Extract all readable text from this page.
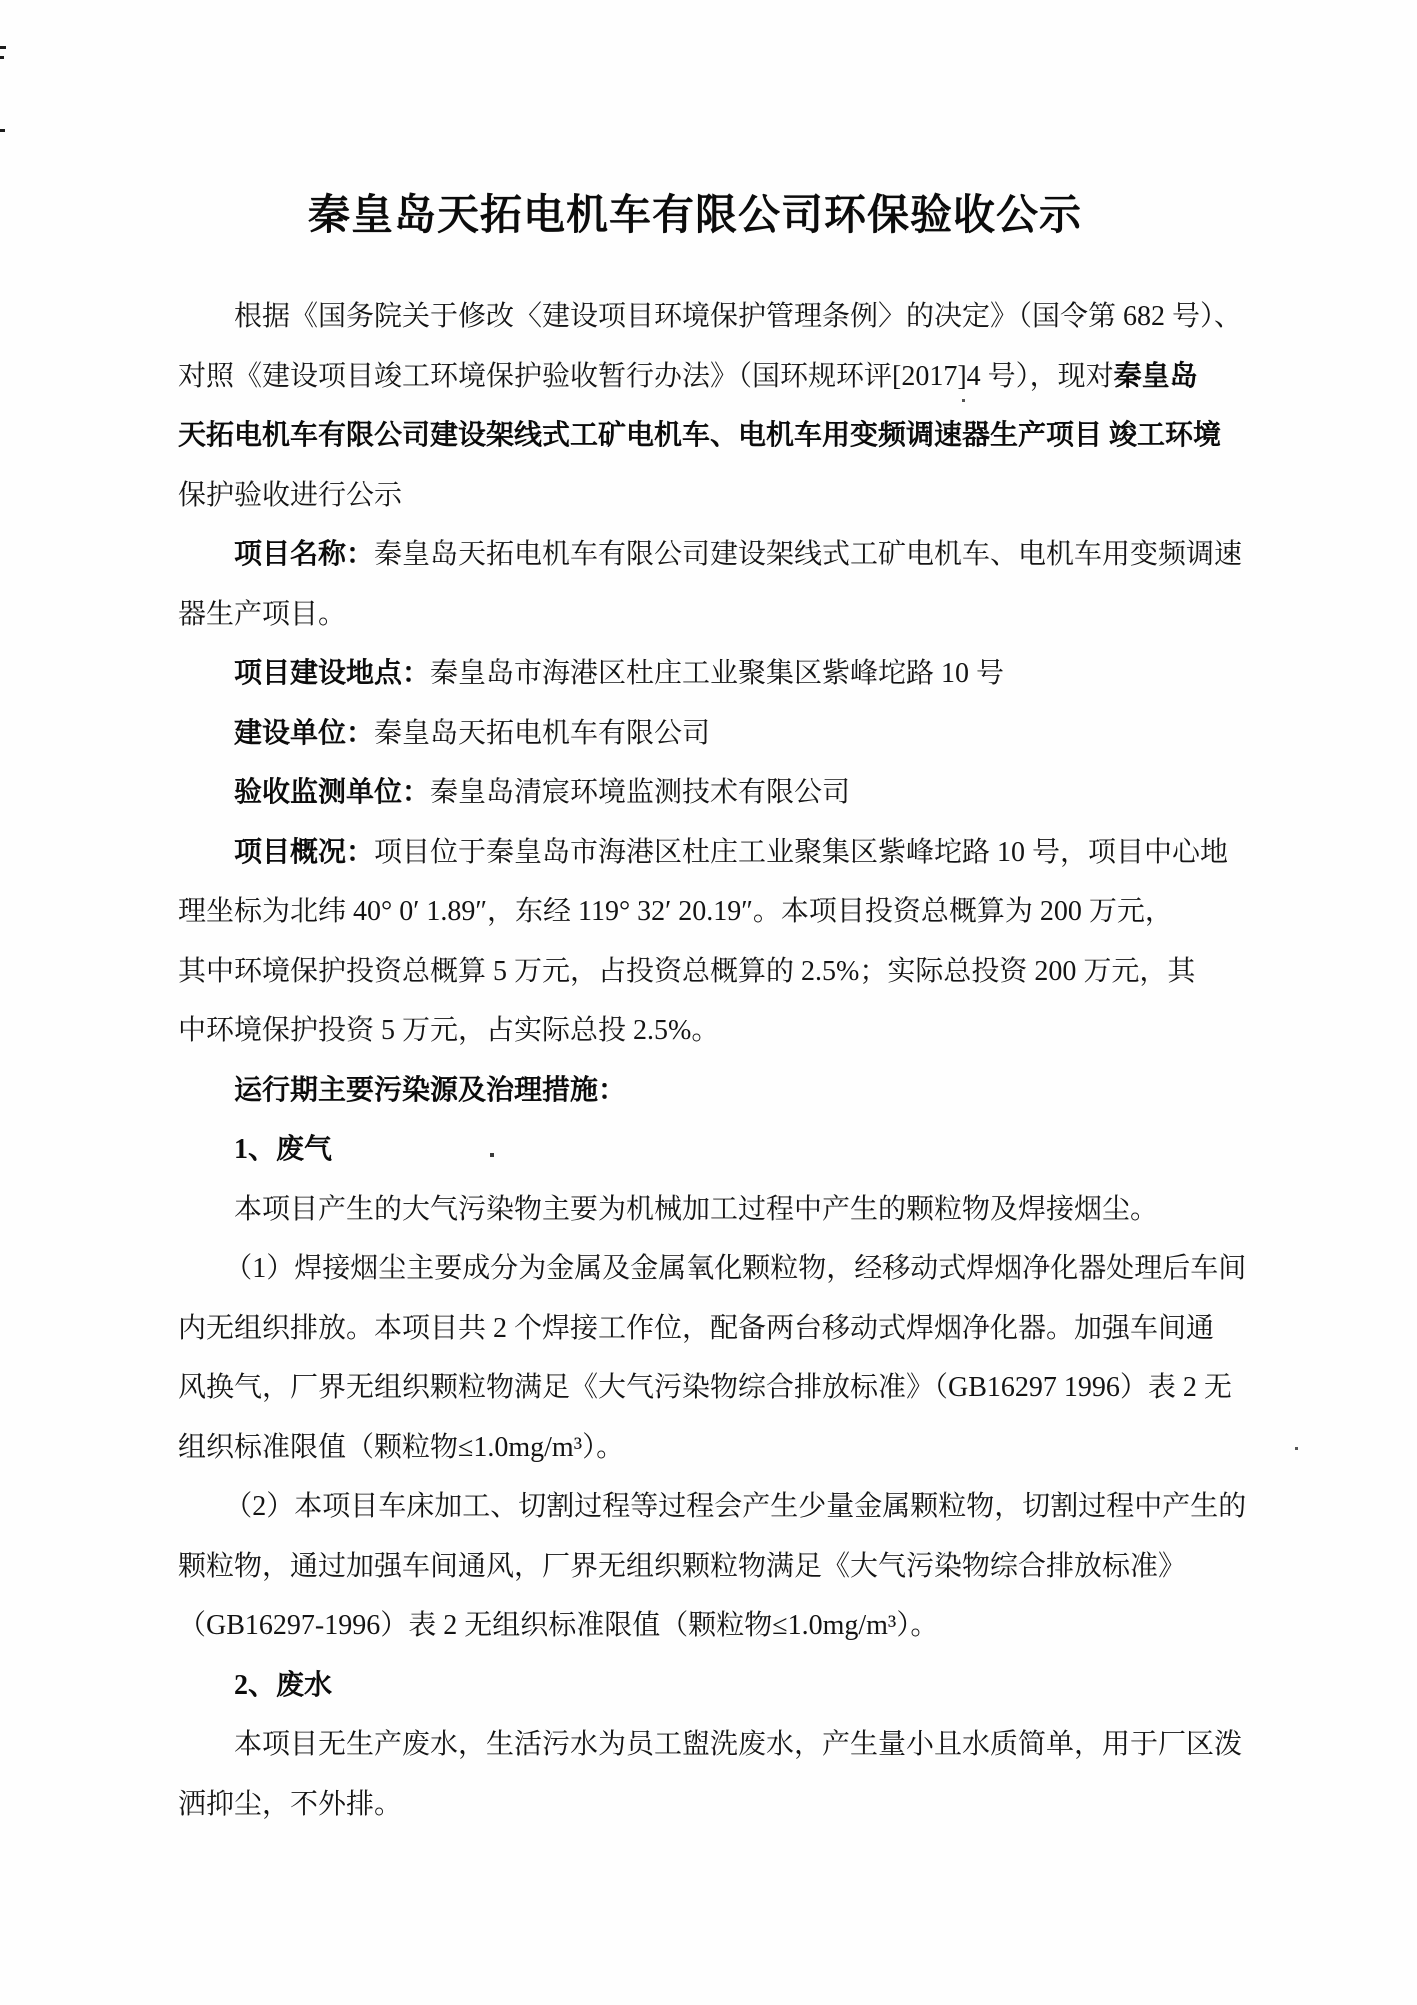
秦皇岛天拓电机车有限公司环保验收公示
根据《国务院关于修改〈建设项目环境保护管理条例〉的决定》（国令第 682 号）、
对照《建设项目竣工环境保护验收暂行办法》（国环规环评[2017]4 号），现对秦皇岛
天拓电机车有限公司建设架线式工矿电机车、电机车用变频调速器生产项目 竣工环境
保护验收进行公示
项目名称：秦皇岛天拓电机车有限公司建设架线式工矿电机车、电机车用变频调速
器生产项目。
项目建设地点：秦皇岛市海港区杜庄工业聚集区紫峰坨路 10 号
建设单位：秦皇岛天拓电机车有限公司
验收监测单位：秦皇岛清宸环境监测技术有限公司
项目概况：项目位于秦皇岛市海港区杜庄工业聚集区紫峰坨路 10 号，项目中心地
理坐标为北纬 40° 0′ 1.89″，东经 119° 32′ 20.19″。本项目投资总概算为 200 万元，
其中环境保护投资总概算 5 万元，占投资总概算的 2.5%；实际总投资 200 万元，其
中环境保护投资 5 万元，占实际总投 2.5%。
运行期主要污染源及治理措施：
1、废气
本项目产生的大气污染物主要为机械加工过程中产生的颗粒物及焊接烟尘。
（1）焊接烟尘主要成分为金属及金属氧化颗粒物，经移动式焊烟净化器处理后车间
内无组织排放。本项目共 2 个焊接工作位，配备两台移动式焊烟净化器。加强车间通
风换气，厂界无组织颗粒物满足《大气污染物综合排放标准》（GB16297 1996）表 2 无
组织标准限值（颗粒物≤1.0mg/m³）。
（2）本项目车床加工、切割过程等过程会产生少量金属颗粒物，切割过程中产生的
颗粒物，通过加强车间通风，厂界无组织颗粒物满足《大气污染物综合排放标准》
（GB16297-1996）表 2 无组织标准限值（颗粒物≤1.0mg/m³）。
2、废水
本项目无生产废水，生活污水为员工盥洗废水，产生量小且水质简单，用于厂区泼
洒抑尘，不外排。
